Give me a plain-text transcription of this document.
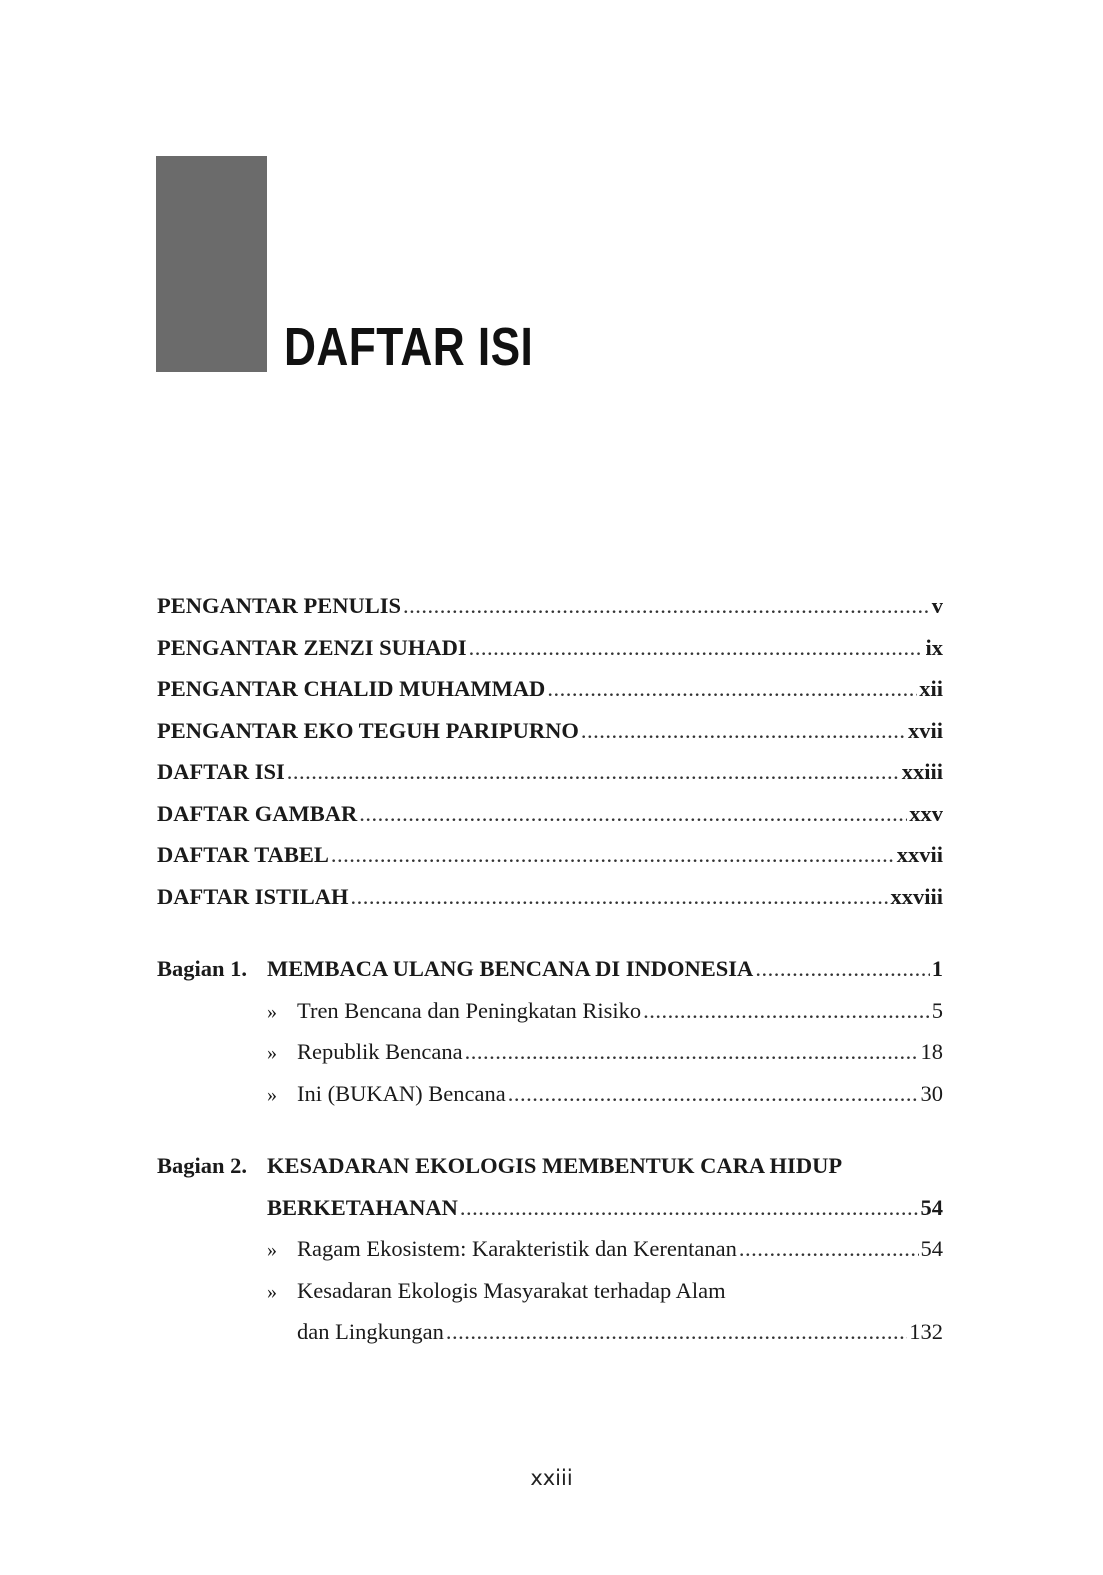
DAFTAR ISI
PENGANTAR PENULIS .....	v
PENGANTAR ZENZI SUHADI .....	ix
PENGANTAR CHALID MUHAMMAD .....	xii
PENGANTAR EKO TEGUH PARIPURNO .....	xvii
DAFTAR ISI .....	xxiii
DAFTAR GAMBAR .....	xxv
DAFTAR TABEL .....	xxvii
DAFTAR ISTILAH .....	xxviii
Bagian 1. MEMBACA ULANG BENCANA DI INDONESIA .....	1
» Tren Bencana dan Peningkatan Risiko .....	5
» Republik Bencana .....	18
» Ini (BUKAN) Bencana .....	30
Bagian 2. KESADARAN EKOLOGIS MEMBENTUK CARA HIDUP
BERKETAHANAN .....	54
» Ragam Ekosistem: Karakteristik dan Kerentanan .....	54
» Kesadaran Ekologis Masyarakat terhadap Alam
dan Lingkungan .....	132
xxiii
